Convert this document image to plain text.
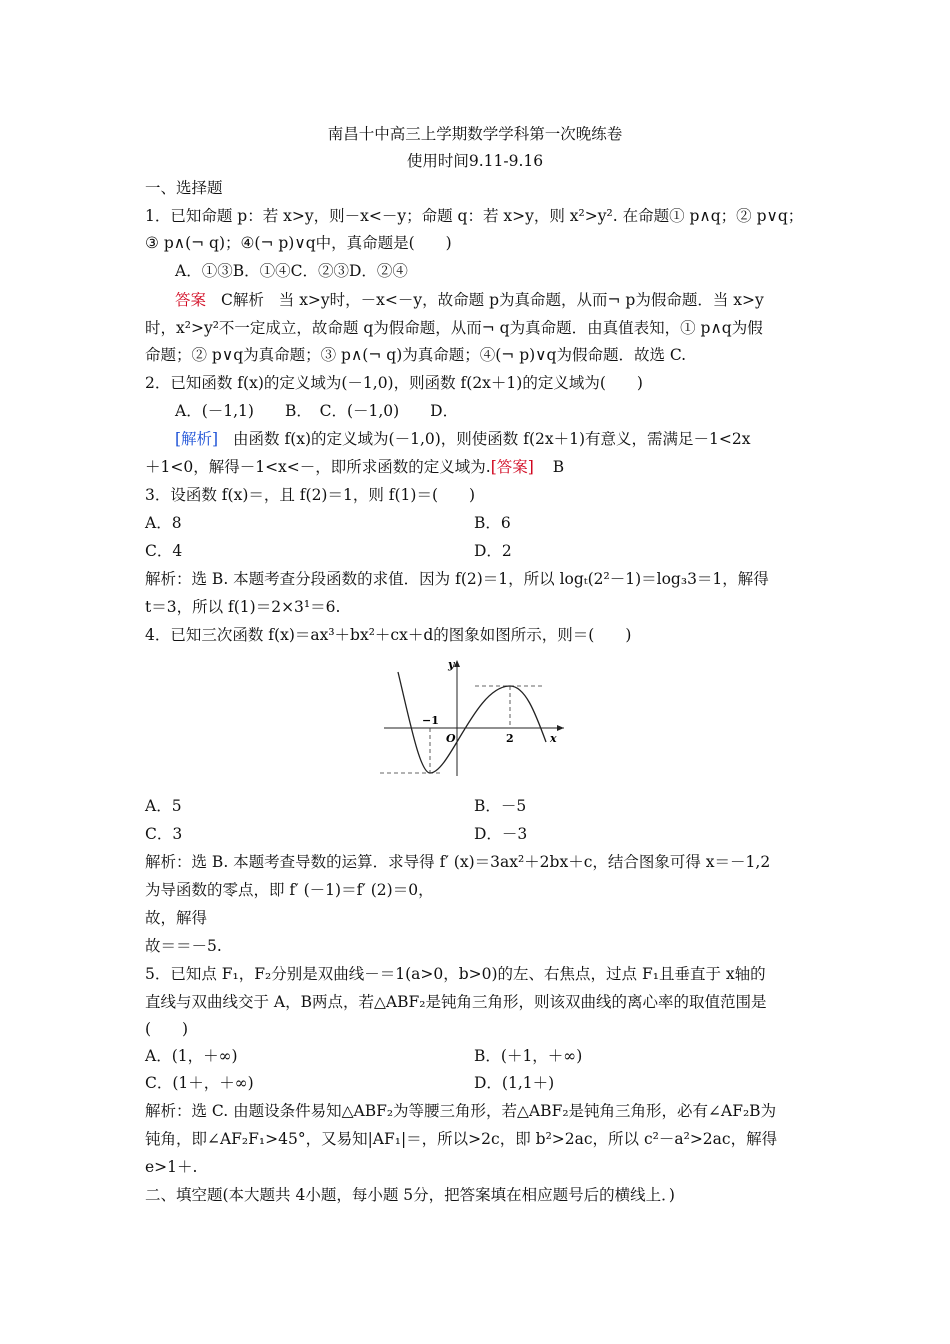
南昌十中高三上学期数学学科第一次晚练卷
使用时间9.11-9.16
一、选择题
1．已知命题 p：若 x>y，则－x<－y；命题 q：若 x>y，则 x²>y². 在命题① p∧q；② p∨q；
③ p∧(¬ q)；④(¬ p)∨q中，真命题是(　　)
A．①③B．①④C．②③D．②④
答案 C解析 当 x>y时，－x<－y，故命题 p为真命题，从而¬ p为假命题．当 x>y
时，x²>y²不一定成立，故命题 q为假命题，从而¬ q为真命题．由真值表知，① p∧q为假
命题；② p∨q为真命题；③ p∧(¬ q)为真命题；④(¬ p)∨q为假命题．故选 C.
2．已知函数 f(x)的定义域为(－1,0)，则函数 f(2x＋1)的定义域为(　　)
A．(－1,1)　　B．　C．(－1,0)　　D．
[解析] 由函数 f(x)的定义域为(－1,0)，则使函数 f(2x＋1)有意义，需满足－1<2x
＋1<0，解得－1<x<－，即所求函数的定义域为.[答案] B
3．设函数 f(x)＝，且 f(2)＝1，则 f(1)＝(　　)
A．8	B．6
C．4	D．2
解析：选 B. 本题考查分段函数的求值．因为 f(2)＝1，所以 logₜ(2²－1)＝log₃3＝1，解得
t＝3，所以 f(1)＝2×3¹＝6.
4．已知三次函数 f(x)＝ax³＋bx²＋cx＋d的图象如图所示，则＝(　　)
y
x
O
−1
2
A．5	B．－5
C．3	D．－3
解析：选 B. 本题考查导数的运算．求导得 f′ (x)＝3ax²＋2bx＋c，结合图象可得 x＝－1,2
为导函数的零点，即 f′ (－1)＝f′ (2)＝0，
故，解得
故＝＝－5.
5．已知点 F₁，F₂分别是双曲线－＝1(a>0，b>0)的左、右焦点，过点 F₁且垂直于 x轴的
直线与双曲线交于 A，B两点，若△ABF₂是钝角三角形，则该双曲线的离心率的取值范围是
(　　)
A．(1，＋∞)	B．(＋1，＋∞)
C．(1＋，＋∞)	D．(1,1＋)
解析：选 C. 由题设条件易知△ABF₂为等腰三角形，若△ABF₂是钝角三角形，必有∠AF₂B为
钝角，即∠AF₂F₁>45°，又易知|AF₁|＝，所以>2c，即 b²>2ac，所以 c²－a²>2ac，解得
e>1＋.
二、填空题(本大题共 4小题，每小题 5分，把答案填在相应题号后的横线上．)
